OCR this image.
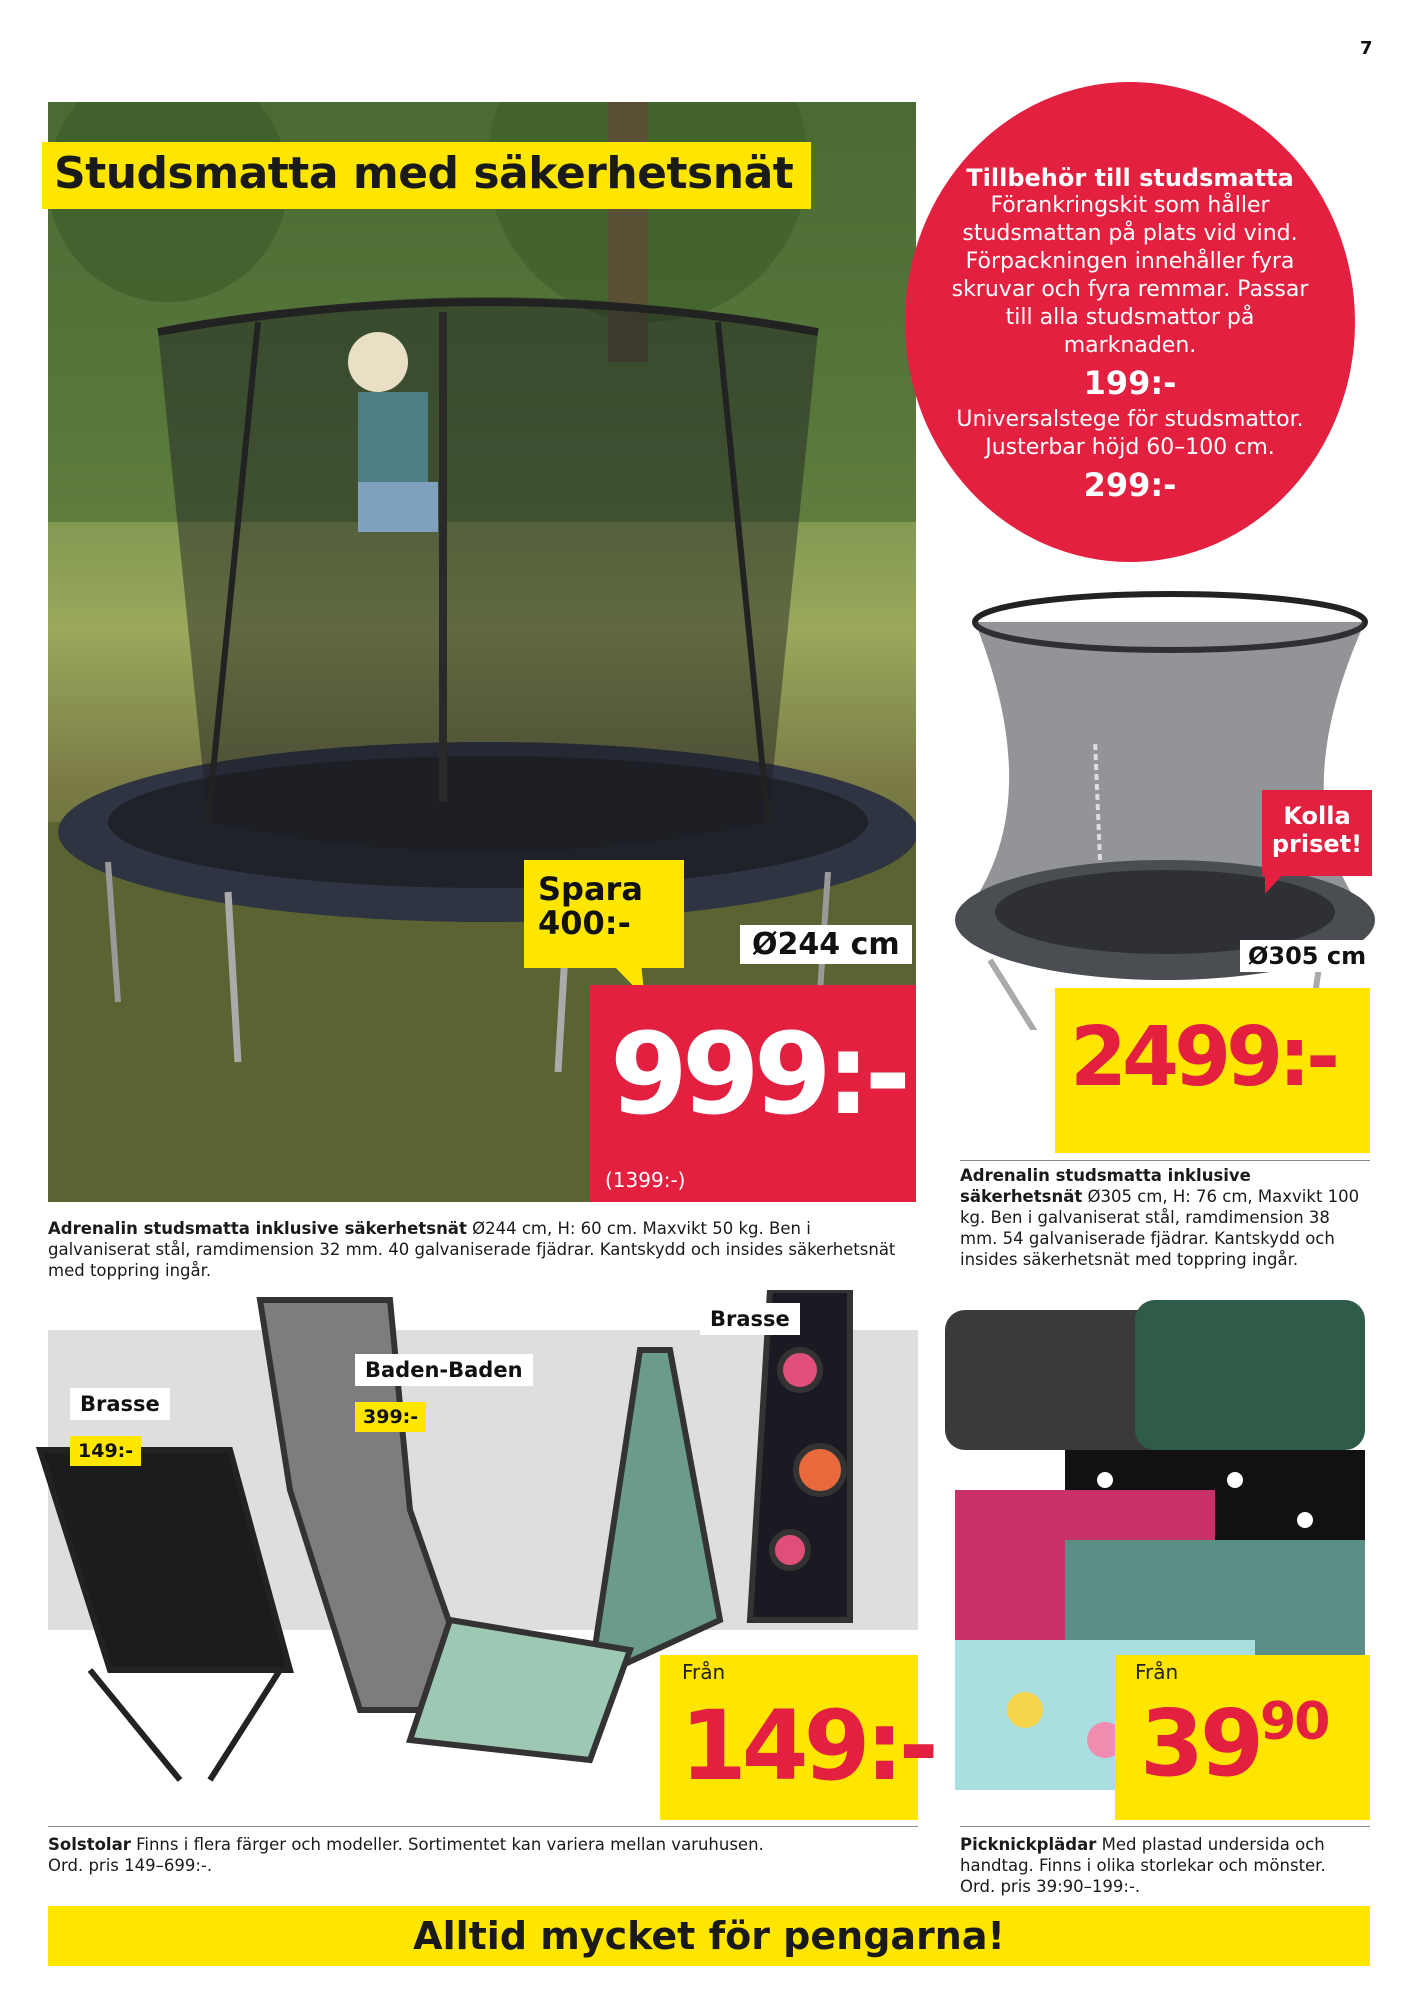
7
Studsmatta med säkerhetsnät	Tillbehör till studsmatta
Förankringskit som håller studsmattan på plats vid vind. Förpackningen innehåller fyra skruvar och fyra remmar. Passar till alla studsmattor på marknaden.
199:-
Universalstege för studsmattor. Justerbar höjd 60–100 cm.
299:-
Spara 400:-
Ø244 cm
999:-
(1399:-)
Kolla priset!
Ø305 cm
2499:-
Adrenalin studsmatta inklusive säkerhetsnät Ø244 cm, H: 60 cm. Maxvikt 50 kg. Ben i galvaniserat stål, ramdimension 32 mm. 40 galvaniserade fjädrar. Kantskydd och insides säkerhetsnät med toppring ingår.
Adrenalin studsmatta inklusive säkerhetsnät Ø305 cm, H: 76 cm, Maxvikt 100 kg. Ben i galvaniserat stål, ramdimension 38 mm. 54 galvaniserade fjädrar. Kantskydd och insides säkerhetsnät med toppring ingår.
Brasse
149:-
Baden-Baden
399:-
Brasse
Från
149:-
Från
$39^{90}$
Solstolar Finns i flera färger och modeller. Sortimentet kan variera mellan varuhusen.
Ord. pris 149–699:-.
Picknickplädar Med plastad undersida och handtag. Finns i olika storlekar och mönster.
Ord. pris 39:90–199:-.
Alltid mycket för pengarna!
